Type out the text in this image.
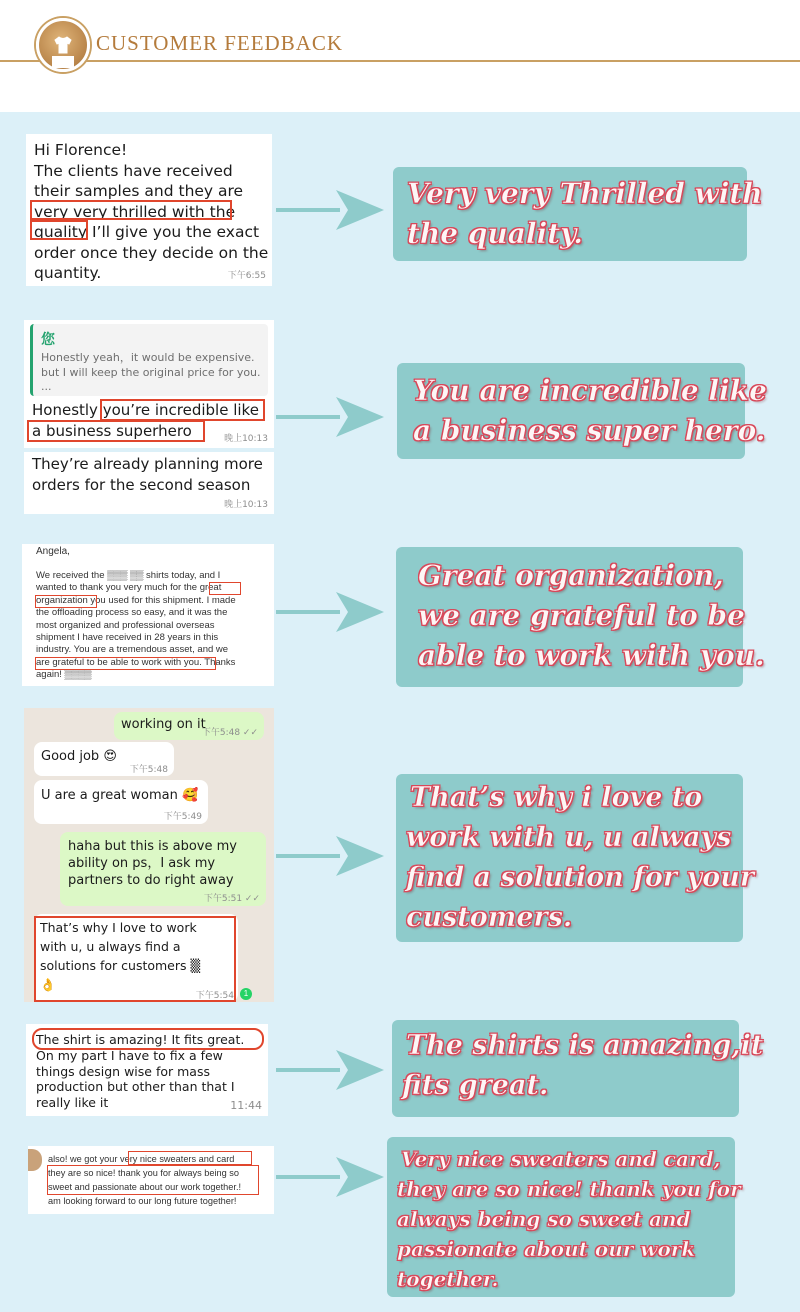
CUSTOMER FEEDBACK
Hi Florence!
The clients have received
their samples and they are
very very thrilled with the
quality I’ll give you the exact
order once they decide on the
quantity.	下午6:55

Very very Thrilled with

the quality.

您
Honestly yeah，it would be expensive.
but I will keep the original price for you.
...
Honestly you’re incredible like
a business superhero	晚上10:13
They’re already planning more
orders for the second season
晚上10:13

You are incredible like

a business super hero.

Angela,
We received the ▒▒▒ ▒▒ shirts today, and I
wanted to thank you very much for the great
organization you used for this shipment. I made
the offloading process so easy, and it was the
most organized and professional overseas
shipment I have received in 28 years in this
industry. You are a tremendous asset, and we
are grateful to be able to work with you. Thanks
again! ▒▒▒▒

Great organization,

we are grateful to be

able to work with you.

working on it
下午5:48 ✓✓
Good job 😍
下午5:48
U are a great woman 🥰
下午5:49
haha but this is above my
ability on ps，I ask my
partners to do right away
下午5:51 ✓✓
That’s why I love to work
with u, u always find a
solutions for customers ▒
👌
下午5:54	1

That’s why i love to

work with u, u always

find a solution for your

customers.

The shirt is amazing! It fits great.
On my part I have to fix a few
things design wise for mass
production but other than that I
really like it	11:44

The shirts is amazing,it

fits great.

also! we got your very nice sweaters and card
they are so nice! thank you for always being so
sweet and passionate about our work together.!
am looking forward to our long future together!

Very nice sweaters and card,

they are so nice! thank you for

always being so sweet and

passionate about our work

together.
